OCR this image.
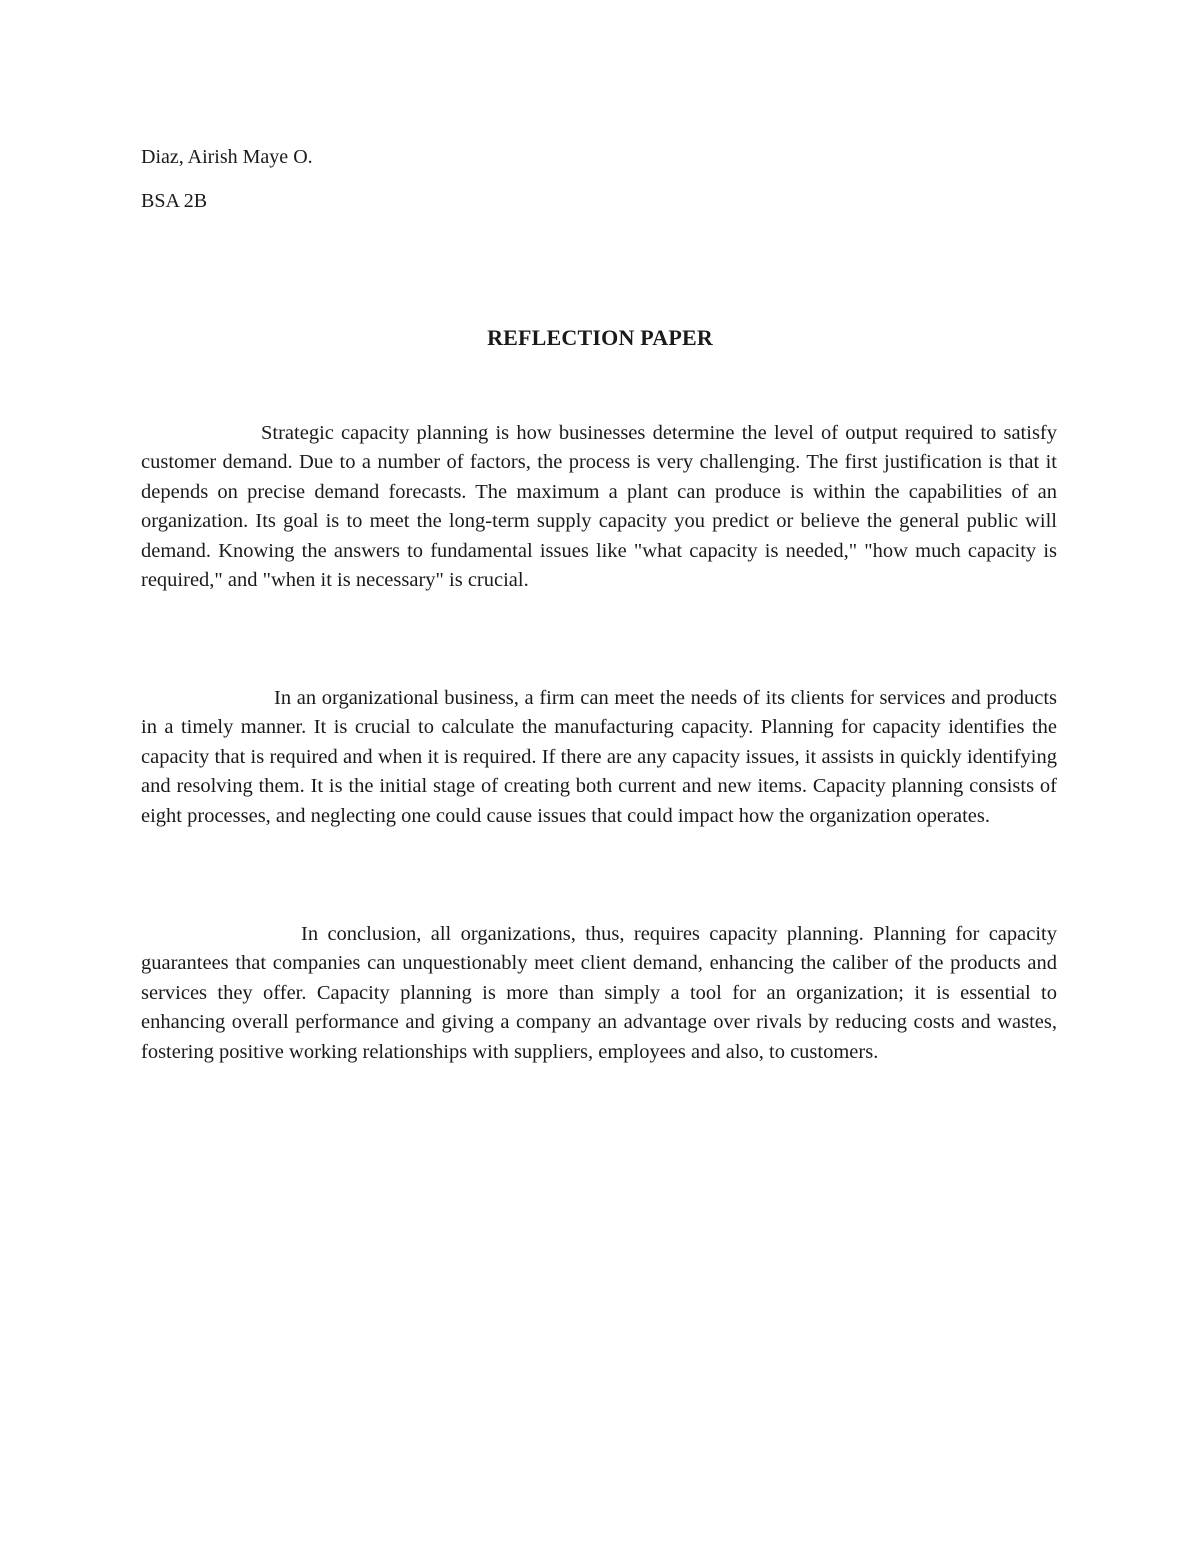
Diaz, Airish Maye O.

BSA 2B

REFLECTION PAPER

Strategic capacity planning is how businesses determine the level of output required to satisfy customer demand. Due to a number of factors, the process is very challenging. The first justification is that it depends on precise demand forecasts. The maximum a plant can produce is within the capabilities of an organization. Its goal is to meet the long-term supply capacity you predict or believe the general public will demand. Knowing the answers to fundamental issues like "what capacity is needed," "how much capacity is required," and "when it is necessary" is crucial.

In an organizational business, a firm can meet the needs of its clients for services and products in a timely manner. It is crucial to calculate the manufacturing capacity. Planning for capacity identifies the capacity that is required and when it is required. If there are any capacity issues, it assists in quickly identifying and resolving them. It is the initial stage of creating both current and new items. Capacity planning consists of eight processes, and neglecting one could cause issues that could impact how the organization operates.

In conclusion, all organizations, thus, requires capacity planning. Planning for capacity guarantees that companies can unquestionably meet client demand, enhancing the caliber of the products and services they offer. Capacity planning is more than simply a tool for an organization; it is essential to enhancing overall performance and giving a company an advantage over rivals by reducing costs and wastes, fostering positive working relationships with suppliers, employees and also, to customers.
